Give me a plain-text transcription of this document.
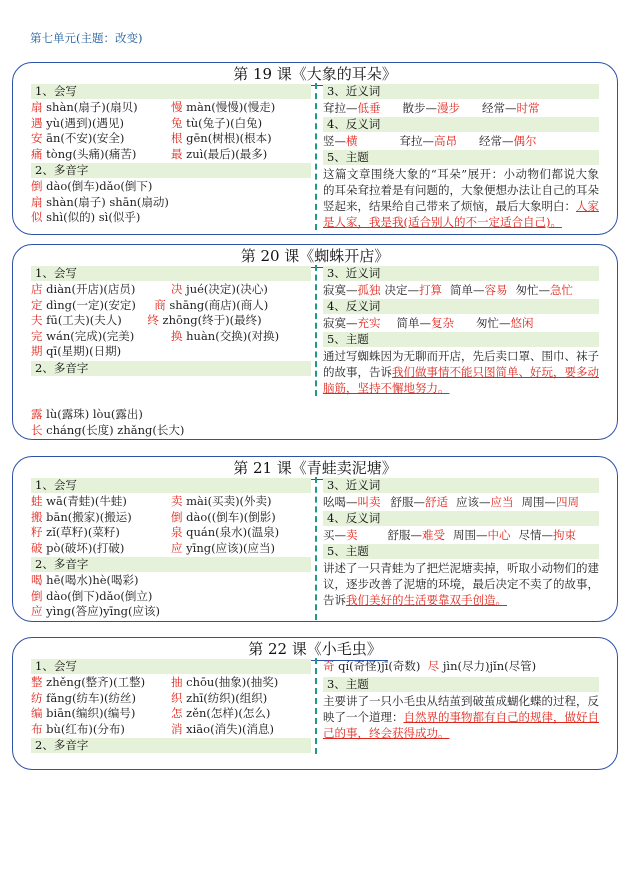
第七单元(主题：改变)
第 19 课《大象的耳朵》
1、会写
扇 shàn(扇子)(扇贝)	慢 màn(慢慢)(慢走)
遇 yù(遇到)(遇见)	兔 tù(兔子)(白兔)
安 ān(不安)(安全)	根 gēn(树根)(根本)
痛 tòng(头痛)(痛苦)	最 zuì(最后)(最多)
2、多音字
倒 dào(倒车)dǎo(倒下)
扇 shàn(扇子) shān(扇动)
似 shì(似的) sì(似乎)
3、近义词
耷拉—低垂 散步—漫步 经常—时常
4、反义词
竖—横	耷拉—高昂 经常—偶尔
5、主题
这篇文章围绕大象的“耳朵”展开：小动物们都说大象的耳朵耷拉着是有问题的，大象便想办法让自己的耳朵竖起来，结果给自己带来了烦恼，最后大象明白：人家是人家，我是我(适合别人的不一定适合自己)。
第 20 课《蜘蛛开店》
1、会写
店 diàn(开店)(店员)	决 jué(决定)(决心)
定 dìng(一定)(安定) 商 shāng(商店)(商人)
夫 fū(工夫)(夫人) 终 zhōng(终于)(最终)
完 wán(完成)(完美)	换 huàn(交换)(对换)
期 qī(星期)(日期)
2、多音字
3、近义词
寂寞—孤独 决定—打算 简单—容易 匆忙—急忙
4、反义词
寂寞—充实 简单—复杂 匆忙—悠闲
5、主题
通过写蜘蛛因为无聊而开店，先后卖口罩、围巾、袜子的故事，告诉我们做事情不能只图简单、好玩，要多动脑筋，坚持不懈地努力。
露 lù(露珠) lòu(露出)
长 cháng(长度) zhǎng(长大)
第 21 课《青蛙卖泥塘》
1、会写
蛙 wā(青蛙)(牛蛙)	卖 mài(买卖)(外卖)
搬 bān(搬家)(搬运)	倒 dào((倒车)(倒影)
籽 zǐ(草籽)(菜籽)	泉 quán(泉水)(温泉)
破 pò(破坏)(打破)	应 yīng(应该)(应当)
2、多音字
喝 hē(喝水)hè(喝彩)
倒 dào(倒下)dǎo(倒立)
应 yìng(答应)yīng(应该)
3、近义词
吆喝—叫卖 舒服—舒适 应该—应当 周围—四周
4、反义词
买—卖	舒服—难受 周围—中心 尽情—拘束
5、主题
讲述了一只青蛙为了把烂泥塘卖掉，听取小动物们的建议，逐步改善了泥塘的环境，最后决定不卖了的故事，告诉我们美好的生活要靠双手创造。
第 22 课《小毛虫》
1、会写
整 zhěng(整齐)(工整)	抽 chōu(抽象)(抽奖)
纺 fǎng(纺车)(纺丝)	织 zhī(纺织)(组织)
编 biān(编织)(编号)	怎 zěn(怎样)(怎么)
布 bù(红布)(分布)	消 xiāo(消失)(消息)
2、多音字
奇 qí(奇怪)jī(奇数) 尽 jìn(尽力)jǐn(尽管)
3、主题
主要讲了一只小毛虫从结茧到破茧成蝴化蝶的过程，反映了一个道理：自然界的事物都有自己的规律，做好自己的事，终会获得成功。
